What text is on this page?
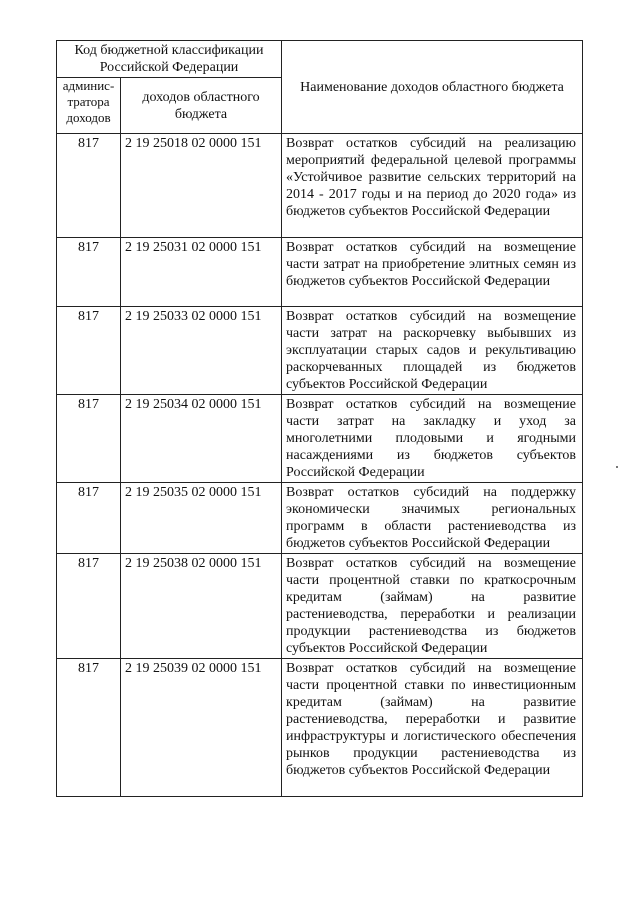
Код бюджетной классификации Российской Федерации		Наименование доходов областного бюджета
админис-тратора доходов	доходов областного бюджета	
817	2 19 25018 02 0000 151	Возврат остатков субсидий на реализацию мероприятий федеральной целевой программы «Устойчивое развитие сельских территорий на 2014 - 2017 годы и на период до 2020 года» из бюджетов субъектов Российской Федерации
817	2 19 25031 02 0000 151	Возврат остатков субсидий на возмещение части затрат на приобретение элитных семян из бюджетов субъектов Российской Федерации
817	2 19 25033 02 0000 151	Возврат остатков субсидий на возмещение части затрат на раскорчевку выбывших из эксплуатации старых садов и рекультивацию раскорчеванных площадей из бюджетов субъектов Российской Федерации
817	2 19 25034 02 0000 151	Возврат остатков субсидий на возмещение части затрат на закладку и уход за многолетними плодовыми и ягодными насаждениями из бюджетов субъектов Российской Федерации
817	2 19 25035 02 0000 151	Возврат остатков субсидий на поддержку экономически значимых региональных программ в области растениеводства из бюджетов субъектов Российской Федерации
817	2 19 25038 02 0000 151	Возврат остатков субсидий на возмещение части процентной ставки по краткосрочным кредитам (займам) на развитие растениеводства, переработки и реализации продукции растениеводства из бюджетов субъектов Российской Федерации
817	2 19 25039 02 0000 151	Возврат остатков субсидий на возмещение части процентной ставки по инвестиционным кредитам (займам) на развитие растениеводства, переработки и развитие инфраструктуры и логистического обеспечения рынков продукции растениеводства из бюджетов субъектов Российской Федерации
